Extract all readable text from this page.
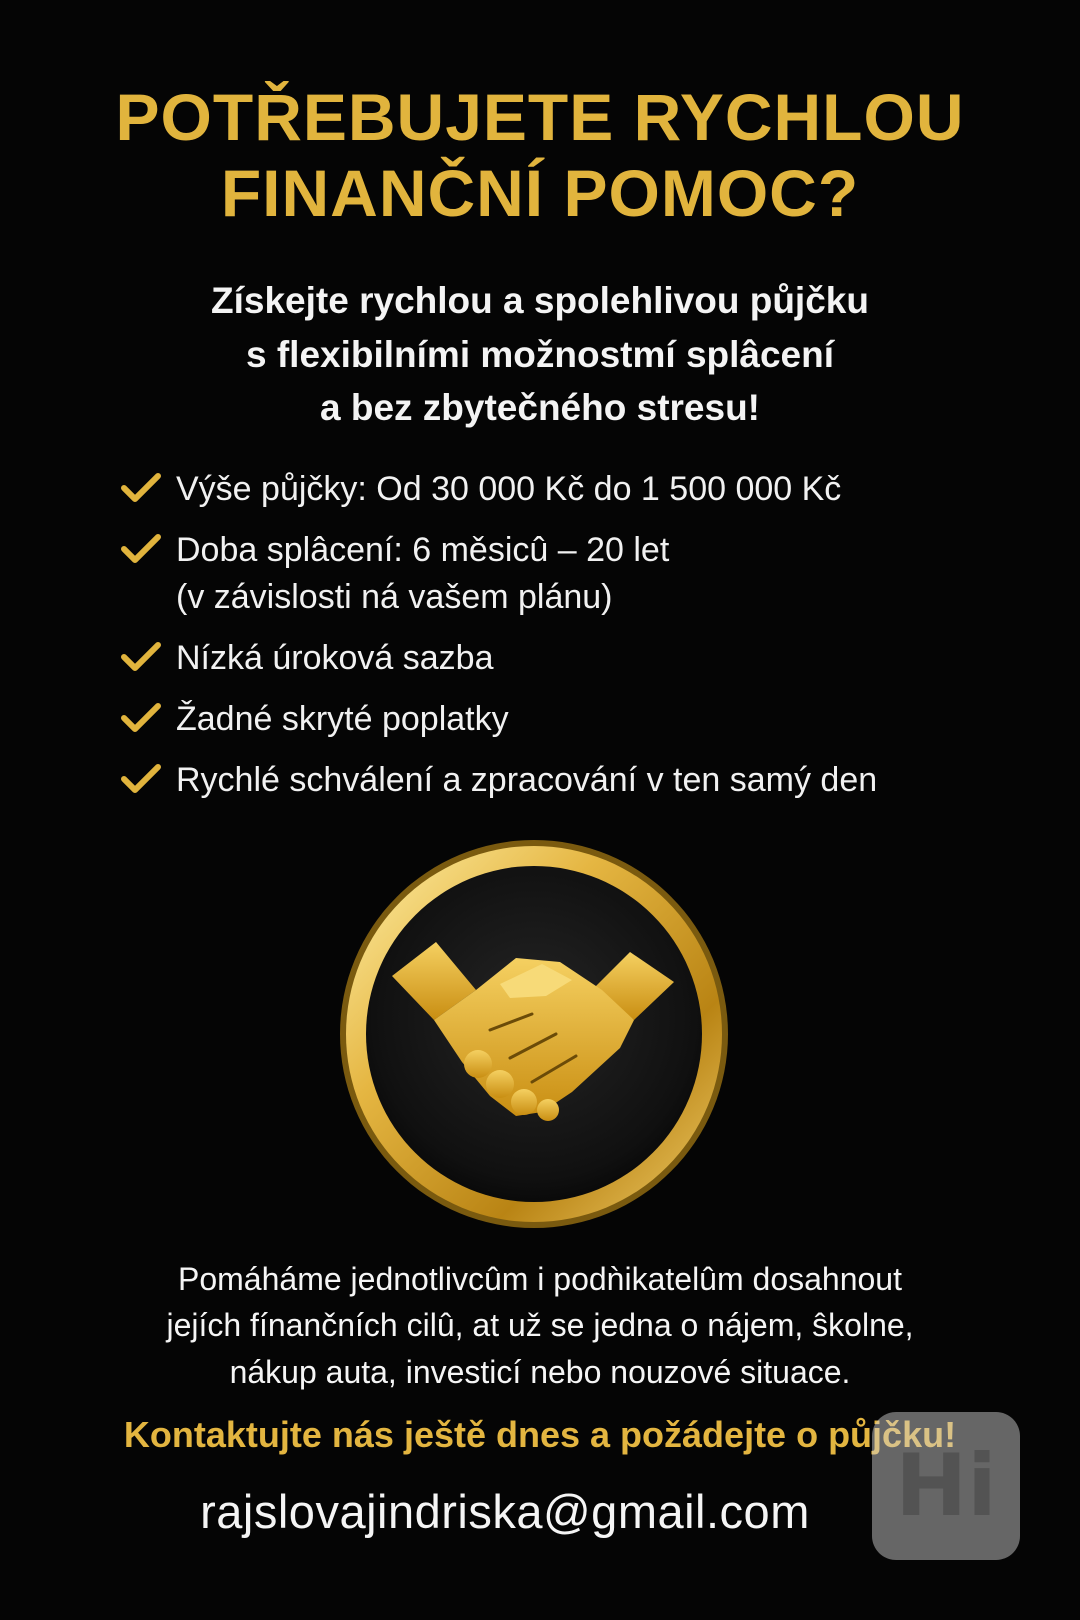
POTŘEBUJETE RYCHLOU
FINANČNÍ POMOC?
Získejte rychlou a spolehlivou půjčku
s flexibilními možnostmí splâcení
a bez zbytečného stresu!
Výše půjčky: Od 30 000 Kč do 1 500 000 Kč
Doba splâcení: 6 měsicû – 20 let
(v závislosti ná vašem plánu)
Nízká úroková sazba
Žadné skryté poplatky
Rychlé schválení a zpracování v ten samý den
Pomáháme jednotlivcûm i podǹikatelûm dosahnout
jejích fínančních cilû, at už se jedna o nájem, ŝkolne,
nákup auta, investicí nebo nouzové situace.
Kontaktujte nás ještě dnes a požádejte o půjčku!
rajslovajindriska@gmail.com Hi
